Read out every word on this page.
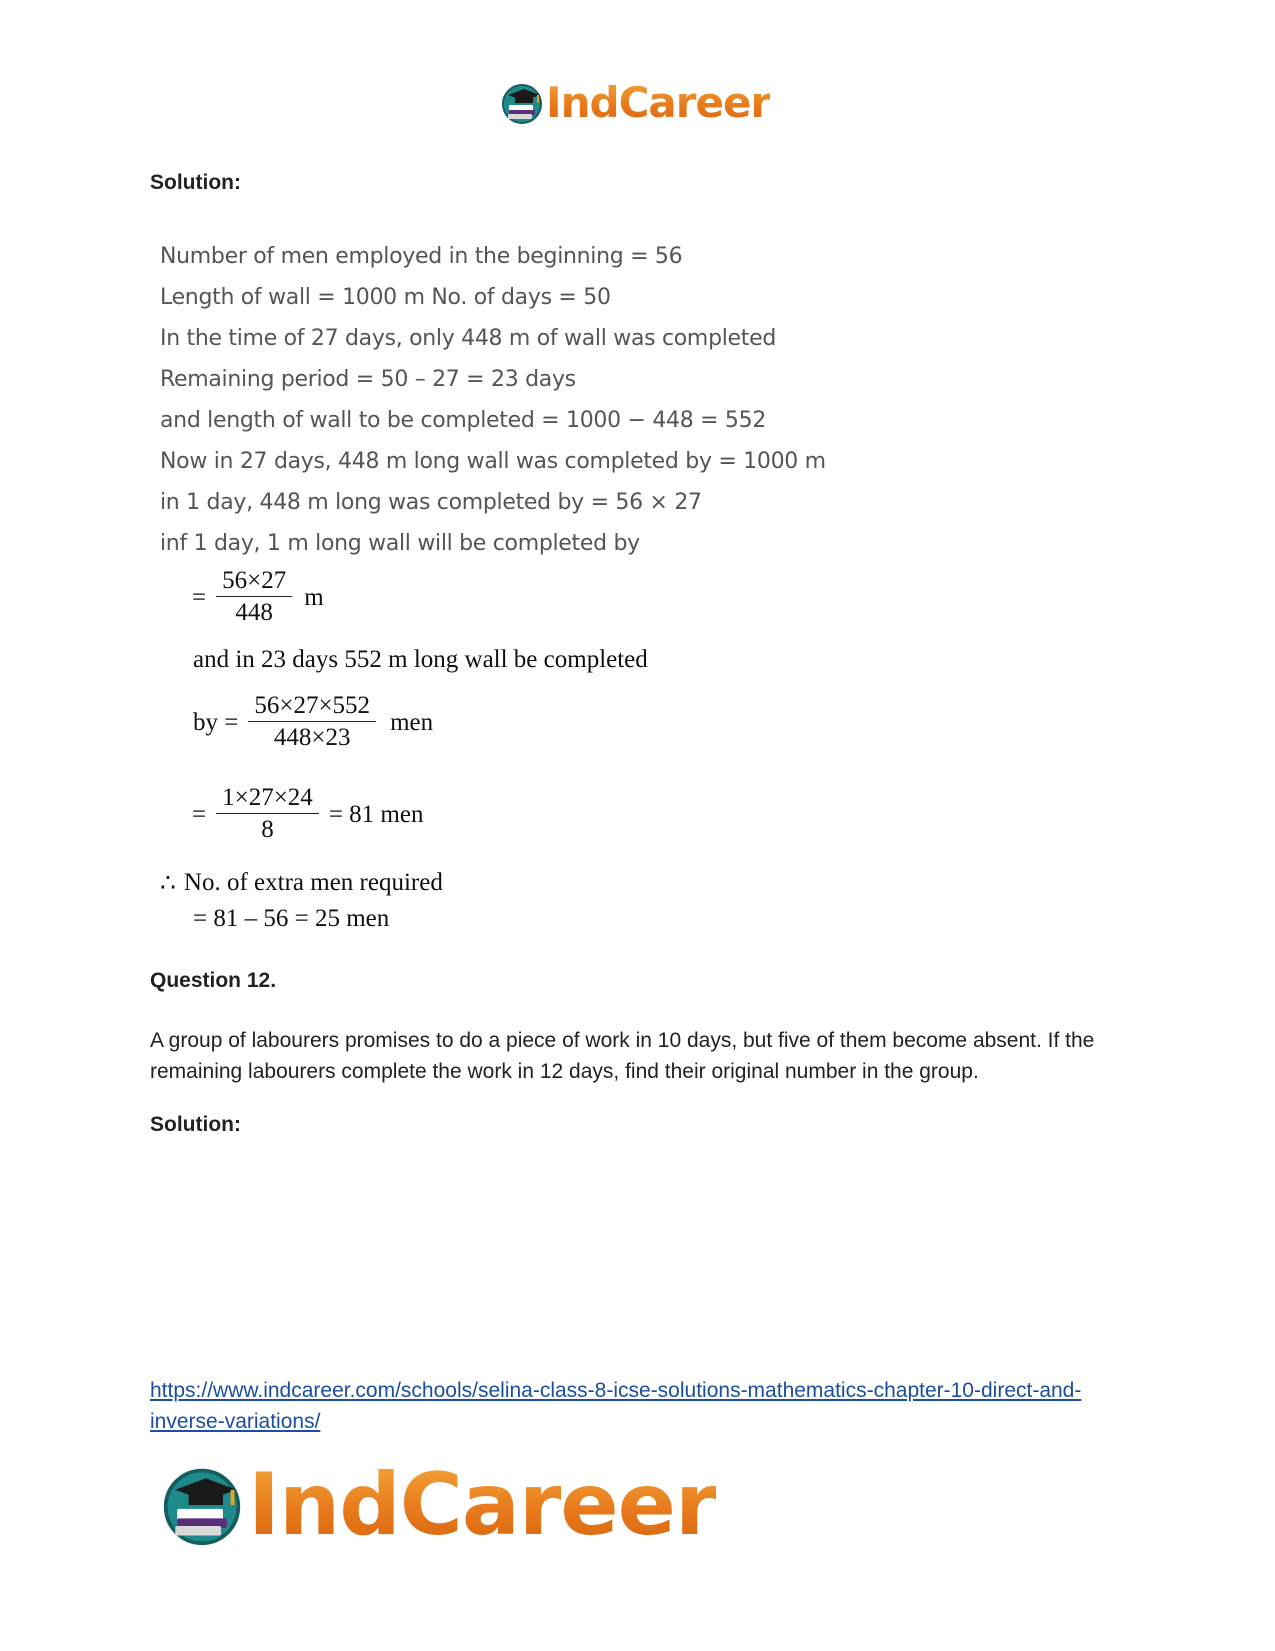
IndCareer
Solution:
Number of men employed in the beginning = 56
Length of wall = 1000 m No. of days = 50
In the time of 27 days, only 448 m of wall was completed
Remaining period = 50 – 27 = 23 days
and length of wall to be completed = 1000 − 448 = 552
Now in 27 days, 448 m long wall was completed by = 1000 m
in 1 day, 448 m long was completed by = 56 × 27
inf 1 day, 1 m long wall will be completed by
= $\frac{56\times 27}{448}$ m
and in 23 days 552 m long wall be completed
by = $\frac{56\times 27\times 552}{448\times 23}$ men
= $\frac{1\times 27\times 24}{8} = 81$ men
∴ No. of extra men required
= 81 – 56 = 25 men
Question 12.
A group of labourers promises to do a piece of work in 10 days, but five of them become absent. If the remaining labourers complete the work in 12 days, find their original number in the group.
Solution:
https://www.indcareer.com/schools/selina-class-8-icse-solutions-mathematics-chapter-10-direct-and-inverse-variations/
IndCareer
